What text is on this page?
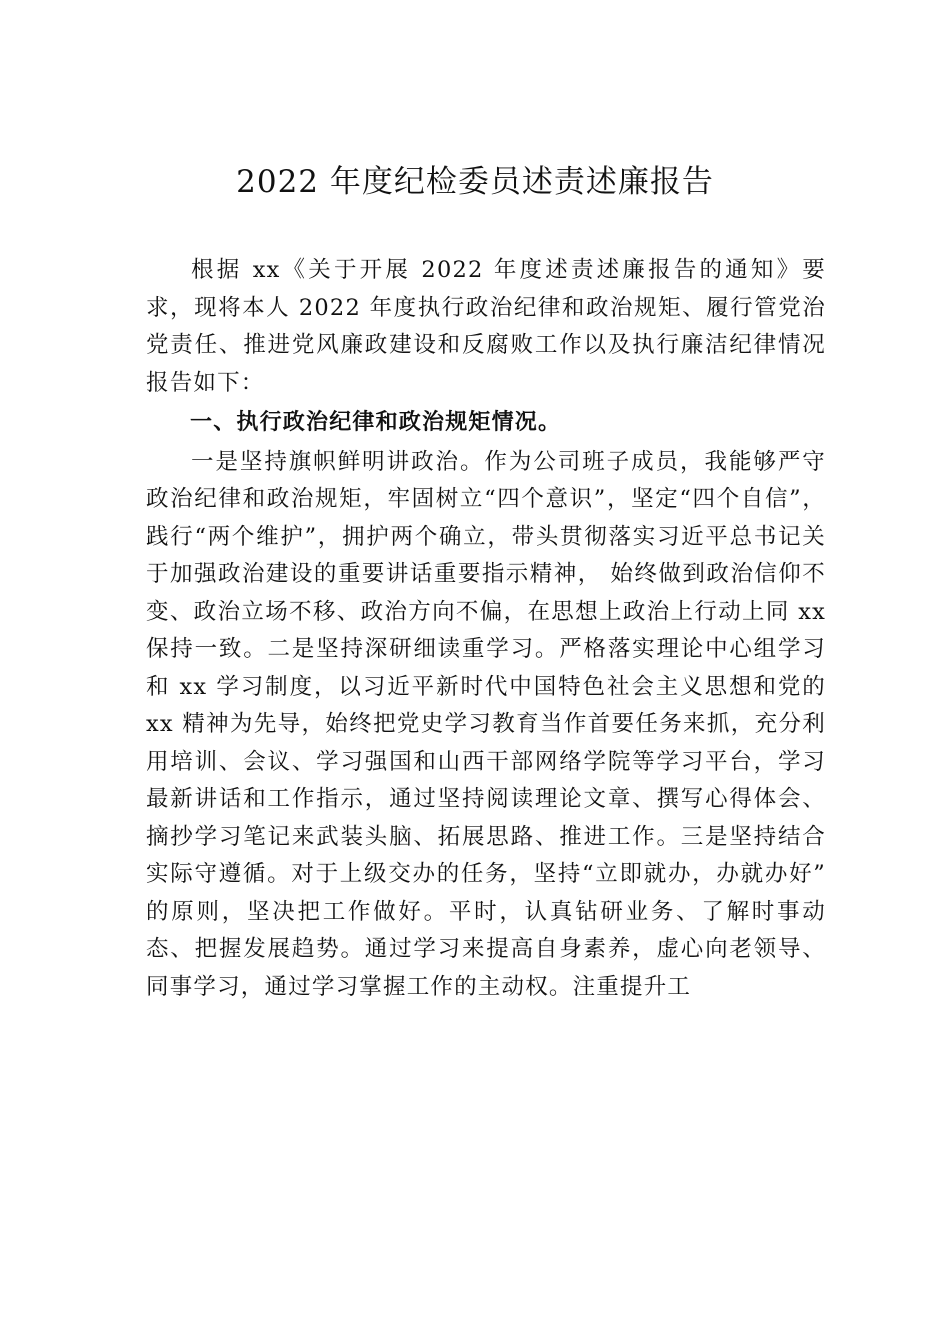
2022 年度纪检委员述责述廉报告

根据 xx《关于开展 2022 年度述责述廉报告的通知》要求，现将本人 2022 年度执行政治纪律和政治规矩、履行管党治党责任、推进党风廉政建设和反腐败工作以及执行廉洁纪律情况报告如下：

一、执行政治纪律和政治规矩情况。

一是坚持旗帜鲜明讲政治。作为公司班子成员，我能够严守政治纪律和政治规矩，牢固树立“四个意识”，坚定“四个自信”，践行“两个维护”，拥护两个确立，带头贯彻落实习近平总书记关于加强政治建设的重要讲话重要指示精神， 始终做到政治信仰不变、政治立场不移、政治方向不偏，在思想上政治上行动上同 xx 保持一致。二是坚持深研细读重学习。严格落实理论中心组学习和 xx 学习制度，以习近平新时代中国特色社会主义思想和党的 xx 精神为先导，始终把党史学习教育当作首要任务来抓，充分利用培训、会议、学习强国和山西干部网络学院等学习平台，学习最新讲话和工作指示，通过坚持阅读理论文章、撰写心得体会、摘抄学习笔记来武装头脑、拓展思路、推进工作。三是坚持结合实际守遵循。对于上级交办的任务，坚持“立即就办，办就办好” 的原则，坚决把工作做好。平时，认真钻研业务、了解时事动态、把握发展趋势。通过学习来提高自身素养，虚心向老领导、同事学习，通过学习掌握工作的主动权。注重提升工
